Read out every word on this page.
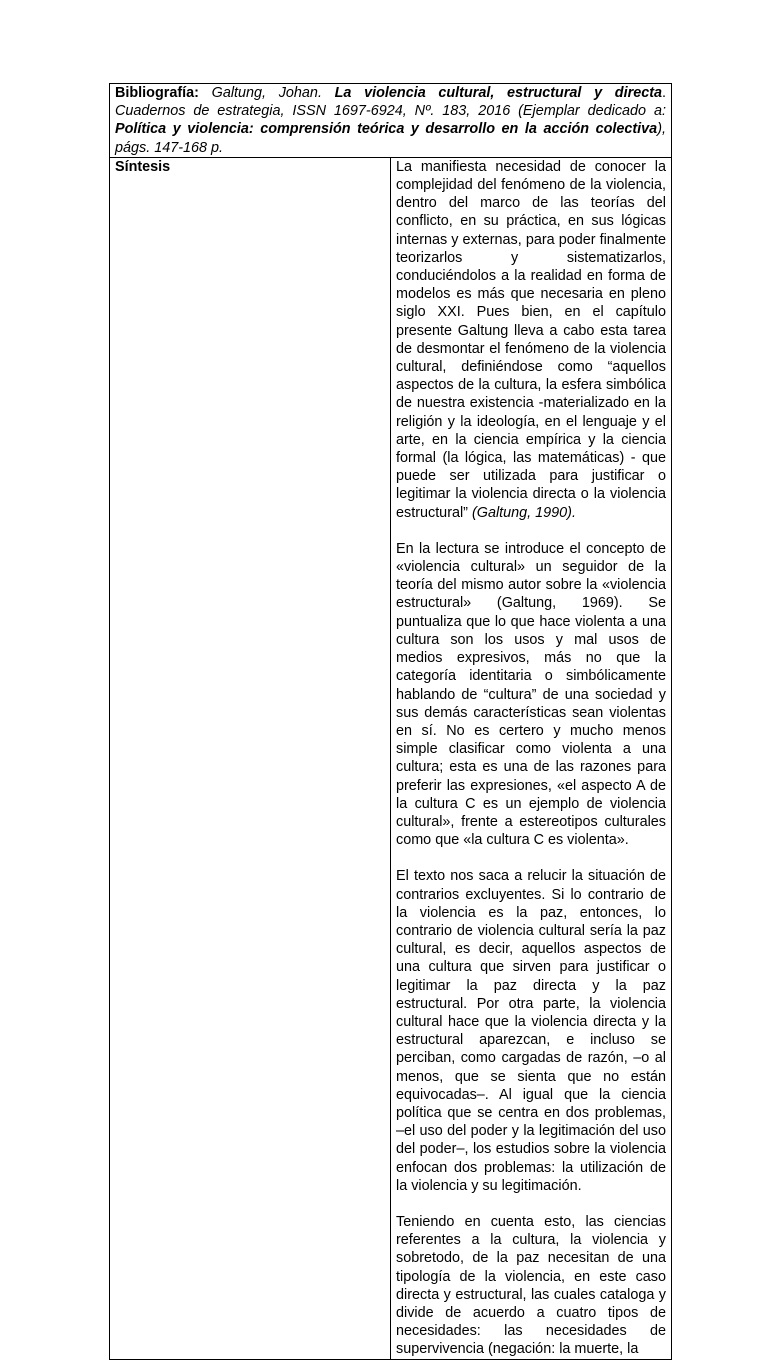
Bibliografía: Galtung, Johan. La violencia cultural, estructural y directa. Cuadernos de estrategia, ISSN 1697-6924, Nº. 183, 2016 (Ejemplar dedicado a: Política y violencia: comprensión teórica y desarrollo en la acción colectiva), págs. 147-168 p.
Síntesis	La manifiesta necesidad de conocer la complejidad del fenómeno de la violencia, dentro del marco de las teorías del conflicto, en su práctica, en sus lógicas internas y externas, para poder finalmente teorizarlos y sistematizarlos, conduciéndolos a la realidad en forma de modelos es más que necesaria en pleno siglo XXI. Pues bien, en el capítulo presente Galtung lleva a cabo esta tarea de desmontar el fenómeno de la violencia cultural, definiéndose como “aquellos aspectos de la cultura, la esfera simbólica de nuestra existencia -materializado en la religión y la ideología, en el lenguaje y el arte, en la ciencia empírica y la ciencia formal (la lógica, las matemáticas) - que puede ser utilizada para justificar o legitimar la violencia directa o la violencia estructural” (Galtung, 1990).

En la lectura se introduce el concepto de «violencia cultural» un seguidor de la teoría del mismo autor sobre la «violencia estructural» (Galtung, 1969). Se puntualiza que lo que hace violenta a una cultura son los usos y mal usos de medios expresivos, más no que la categoría identitaria o simbólicamente hablando de “cultura” de una sociedad y sus demás características sean violentas en sí. No es certero y mucho menos simple clasificar como violenta a una cultura; esta es una de las razones para preferir las expresiones, «el aspecto A de la cultura C es un ejemplo de violencia cultural», frente a estereotipos culturales como que «la cultura C es violenta».

El texto nos saca a relucir la situación de contrarios excluyentes. Si lo contrario de la violencia es la paz, entonces, lo contrario de violencia cultural sería la paz cultural, es decir, aquellos aspectos de una cultura que sirven para justificar o legitimar la paz directa y la paz estructural. Por otra parte, la violencia cultural hace que la violencia directa y la estructural aparezcan, e incluso se perciban, como cargadas de razón, –o al menos, que se sienta que no están equivocadas–. Al igual que la ciencia política que se centra en dos problemas, –el uso del poder y la legitimación del uso del poder–, los estudios sobre la violencia enfocan dos problemas: la utilización de la violencia y su legitimación.

Teniendo en cuenta esto, las ciencias referentes a la cultura, la violencia y sobretodo, de la paz necesitan de una tipología de la violencia, en este caso directa y estructural, las cuales cataloga y divide de acuerdo a cuatro tipos de necesidades: las necesidades de supervivencia (negación: la muerte, la
